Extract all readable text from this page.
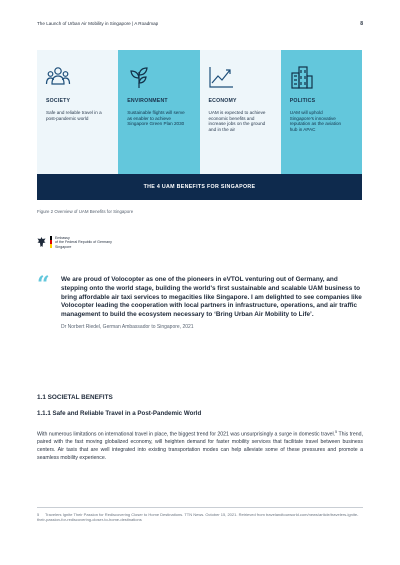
The Launch of Urban Air Mobility in Singapore | A Roadmap	8
SOCIETY

Safe and reliable travel in a post-pandemic world

ENVIRONMENT

Sustainable flights will serve as enabler to achieve Singapore Green Plan 2030

ECONOMY

UAM is expected to achieve economic benefits and increase jobs on the ground and in the air

POLITICS

UAM will uphold Singapore's innovative reputation as the aviation hub in APAC

THE 4 UAM BENEFITS FOR SINGAPORE
Figure 2 Overview of UAM Benefits for Singapore
Embassy
of the Federal Republic of Germany
Singapore
“ We are proud of Volocopter as one of the pioneers in eVTOL venturing out of Germany, and stepping onto the world stage, building the world's first sustainable and scalable UAM business to bring affordable air taxi services to megacities like Singapore. I am delighted to see companies like Volocopter leading the cooperation with local partners in infrastructure, operations, and air traffic management to build the ecosystem necessary to ‘Bring Urban Air Mobility to Life’.

Dr Norbert Riedel, German Ambassador to Singapore, 2021

1.1 SOCIETAL BENEFITS
1.1.1 Safe and Reliable Travel in a Post-Pandemic World

With numerous limitations on international travel in place, the biggest trend for 2021 was unsurprisingly a surge in domestic travel.$^5$ This trend, paired with the fast moving globalized economy, will heighten demand for faster mobility services that facilitate travel between business centers. Air taxis that are well integrated into existing transportation modes can help alleviate some of these pressures and promote a seamless mobility experience.

5 Travelers Ignite Their Passion for Rediscovering Closer to Home Destinations. TTN News. October 15, 2021. Retrieved from travelandtourworld.com/news/article/travelers-ignite-their-passion-for-rediscovering-closer-to-home-destinations
